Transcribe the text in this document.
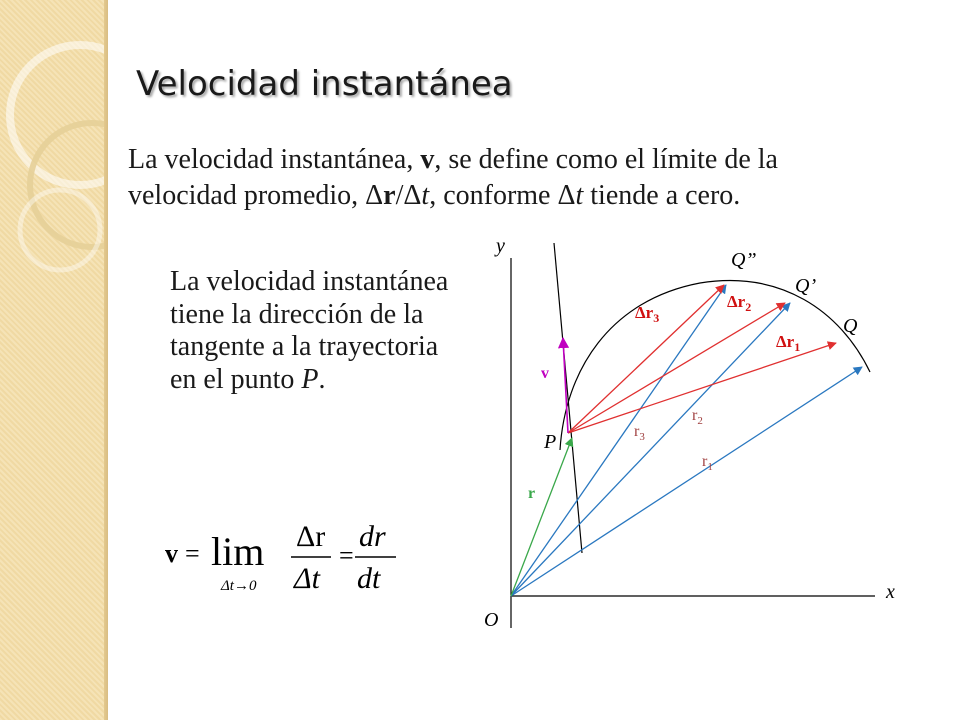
Velocidad instantánea
La velocidad instantánea, v, se define como el límite de la velocidad promedio, Δr/Δt, conforme Δt tiende a cero.
La velocidad instantánea tiene la dirección de la tangente a la trayectoria en el punto P.
v = lim
Δt→0
Δr
Δt
=
dr
dt
y
x
O
P
Q
Q’
Q”
v
r
$r_1$
$r_2$
$r_3$
$\Delta r_1$
$\Delta r_2$
$\Delta r_3$
